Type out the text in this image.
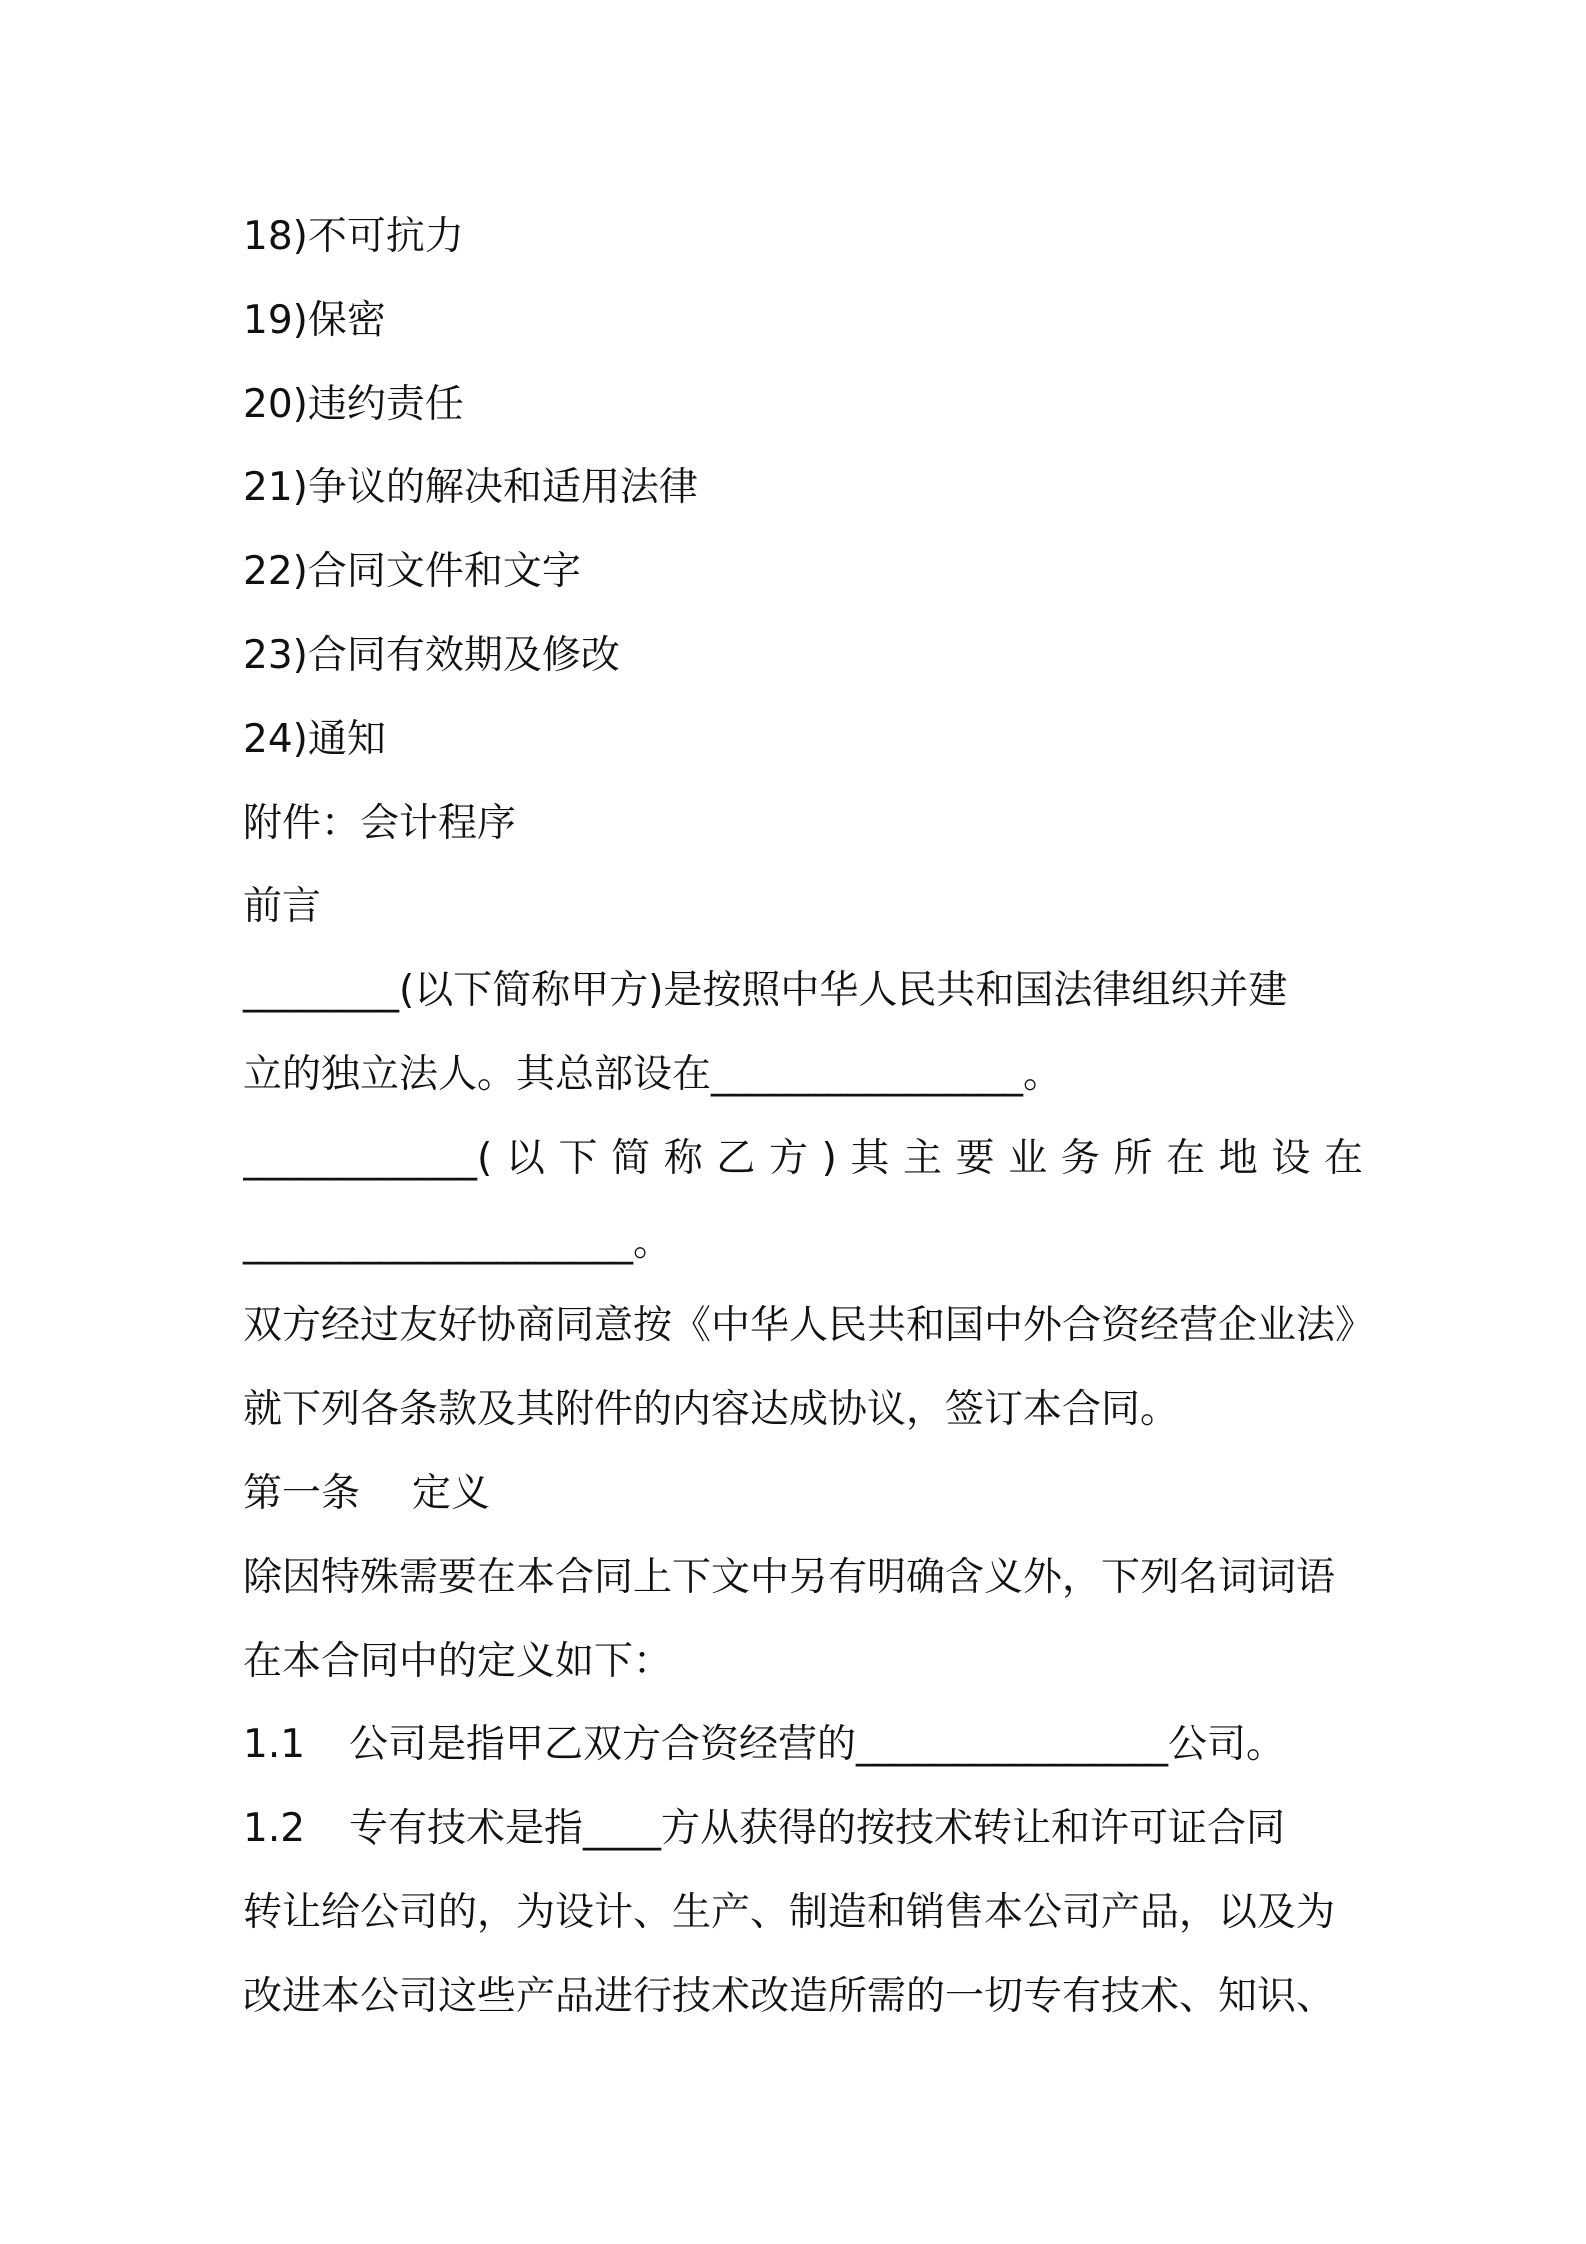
18)不可抗力
19)保密
20)违约责任
21)争议的解决和适用法律
22)合同文件和文字
23)合同有效期及修改
24)通知
附件：会计程序
前言
________(以下简称甲方)是按照中华人民共和国法律组织并建
立的独立法人。其总部设在________________。
____________(以下简称乙方)其主要业务所在地设在
____________________。
双方经过友好协商同意按《中华人民共和国中外合资经营企业法》
就下列各条款及其附件的内容达成协议，签订本合同。
第一条 定义
除因特殊需要在本合同上下文中另有明确含义外，下列名词词语
在本合同中的定义如下：
1.1 公司是指甲乙双方合资经营的________________公司。
1.2 专有技术是指____方从获得的按技术转让和许可证合同
转让给公司的，为设计、生产、制造和销售本公司产品，以及为
改进本公司这些产品进行技术改造所需的一切专有技术、知识、
